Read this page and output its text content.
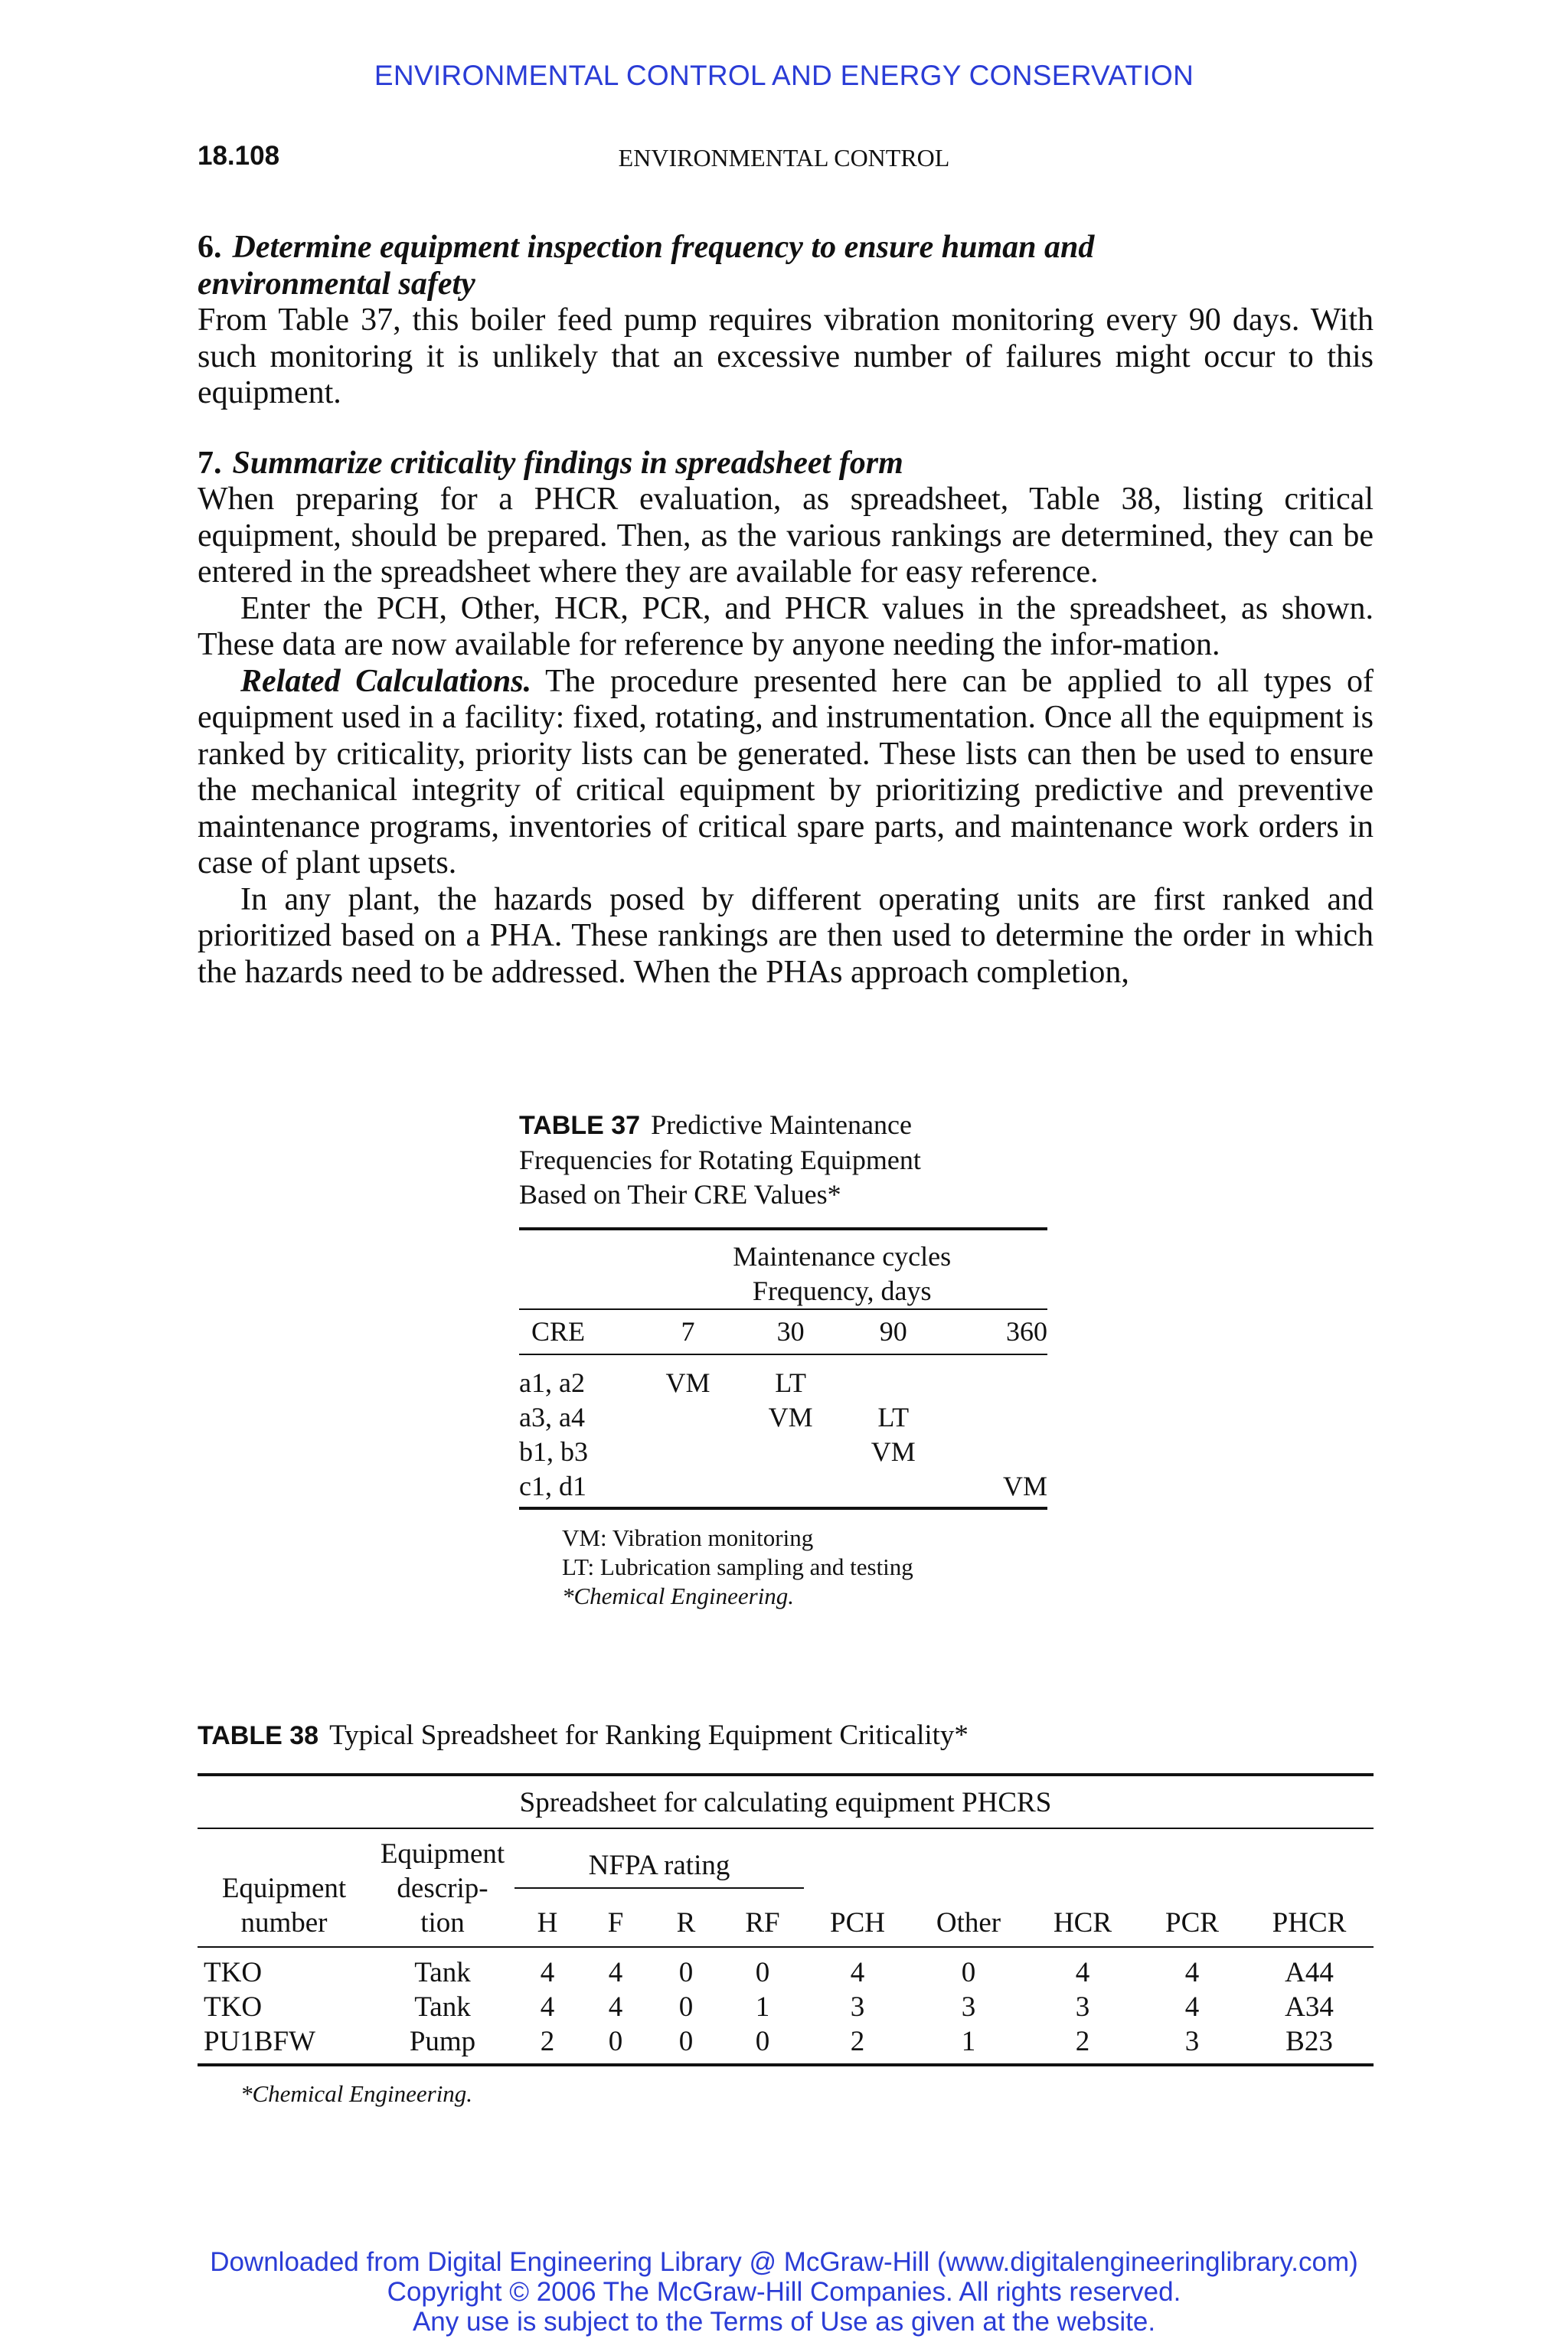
ENVIRONMENTAL CONTROL AND ENERGY CONSERVATION
18.108	ENVIRONMENTAL CONTROL
6. Determine equipment inspection frequency to ensure human and
environmental safety

From Table 37, this boiler feed pump requires vibration monitoring every 90 days. With such monitoring it is unlikely that an excessive number of failures might occur to this equipment.

7. Summarize criticality findings in spreadsheet form

When preparing for a PHCR evaluation, as spreadsheet, Table 38, listing critical equipment, should be prepared. Then, as the various rankings are determined, they can be entered in the spreadsheet where they are available for easy reference.

Enter the PCH, Other, HCR, PCR, and PHCR values in the spreadsheet, as shown. These data are now available for reference by anyone needing the infor-mation.

Related Calculations. The procedure presented here can be applied to all types of equipment used in a facility: fixed, rotating, and instrumentation. Once all the equipment is ranked by criticality, priority lists can be generated. These lists can then be used to ensure the mechanical integrity of critical equipment by prioritizing predictive and preventive maintenance programs, inventories of critical spare parts, and maintenance work orders in case of plant upsets.

In any plant, the hazards posed by different operating units are first ranked and prioritized based on a PHA. These rankings are then used to determine the order in which the hazards need to be addressed. When the PHAs approach completion,

TABLE 37 Predictive Maintenance
Frequencies for Rotating Equipment
Based on Their CRE Values*
	Maintenance cycles
Frequency, days			

CRE	7	30	90	360
a1, a2	VM	LT		
a3, a4		VM	LT	
b1, b3			VM	
c1, d1				VM
VM: Vibration monitoring
LT: Lubrication sampling and testing
*Chemical Engineering.
TABLE 38 Typical Spreadsheet for Ranking Equipment Criticality*
Spreadsheet for calculating equipment PHCRS										
Equipment
number	Equipment
descrip-
tion	NFPA rating								
		H	F	R	RF	PCH	Other	HCR	PCR	PHCR
TKO	Tank	4	4	0	0	4	0	4	4	A44
TKO	Tank	4	4	0	1	3	3	3	4	A34
PU1BFW	Pump	2	0	0	0	2	1	2	3	B23
*Chemical Engineering.
Downloaded from Digital Engineering Library @ McGraw-Hill (www.digitalengineeringlibrary.com)
Copyright © 2006 The McGraw-Hill Companies. All rights reserved.
Any use is subject to the Terms of Use as given at the website.
